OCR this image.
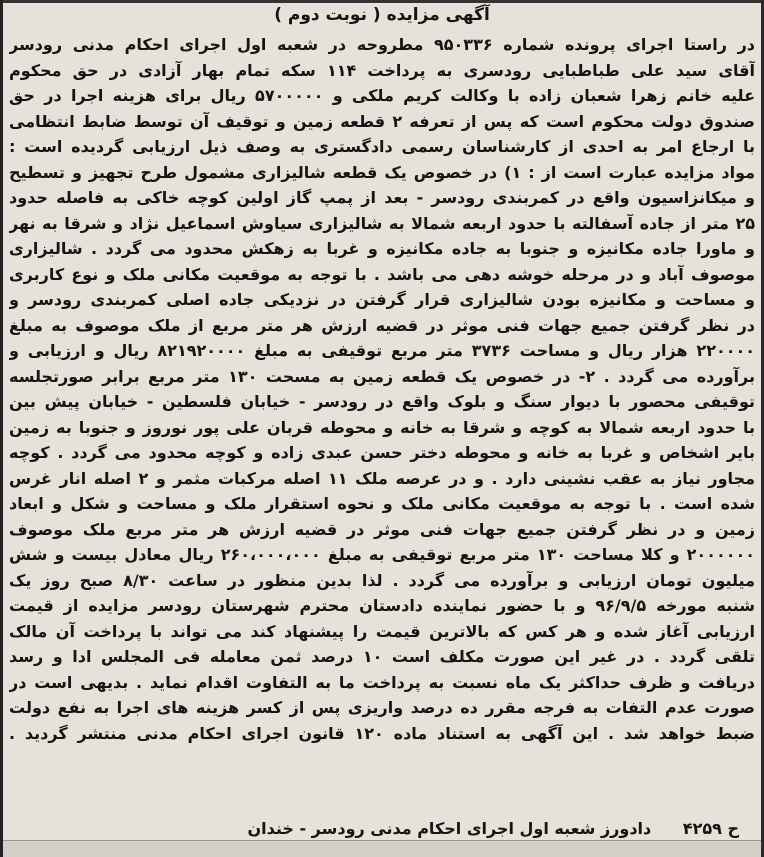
آگهی مزایده ( نوبت دوم )
در راستا اجرای پرونده شماره ۹۵۰۳۳۶ مطروحه در شعبه اول اجرای احکام مدنی رودسر
آقای سید علی طباطبایی رودسری به پرداخت ۱۱۴ سکه تمام بهار آزادی در حق محکوم
علیه خانم زهرا شعبان زاده با وکالت کریم ملکی و ۵۷۰۰۰۰۰ ریال برای هزینه اجرا در حق
صندوق دولت محکوم است که پس از تعرفه ۲ قطعه زمین و توقیف آن توسط ضابط انتظامی
با ارجاع امر به احدی از کارشناسان رسمی دادگستری به وصف ذیل ارزیابی گردیده است :
مواد مزایده عبارت است از : ۱) در خصوص یک قطعه شالیزاری مشمول طرح تجهیز و تسطیح
و میکانزاسیون واقع در کمربندی رودسر - بعد از پمپ گاز اولین کوچه خاکی به فاصله حدود
۲۵ متر از جاده آسفالته با حدود اربعه شمالا به شالیزاری سیاوش اسماعیل نژاد و شرقا به نهر
و ماورا جاده مکانیزه و جنوبا به جاده مکانیزه و غربا به زهکش محدود می گردد . شالیزاری
موصوف آباد و در مرحله خوشه دهی می باشد . با توجه به موقعیت مکانی ملک و نوع کاربری
و مساحت و مکانیزه بودن شالیزاری قرار گرفتن در نزدیکی جاده اصلی کمربندی رودسر و
در نظر گرفتن جمیع جهات فنی موثر در قضیه ارزش هر متر مربع از ملک موصوف به مبلغ
۲۲۰۰۰۰ هزار ریال و مساحت ۳۷۳۶ متر مربع توقیفی به مبلغ ۸۲۱۹۲۰۰۰۰ ریال و ارزیابی و
برآورده می گردد . ۲- در خصوص یک قطعه زمین به مسحت ۱۳۰ متر مربع برابر صورتجلسه
توقیفی محصور با دیوار سنگ و بلوک واقع در رودسر - خیابان فلسطین - خیابان پیش بین
با حدود اربعه شمالا به کوچه و شرقا به خانه و محوطه قربان علی پور نوروز و جنوبا به زمین
بایر اشخاص و غربا به خانه و محوطه دختر حسن عبدی زاده و کوچه محدود می گردد . کوچه
مجاور نیاز به عقب نشینی دارد . و در عرصه ملک ۱۱ اصله مرکبات مثمر و ۲ اصله انار غرس
شده است . با توجه به موقعیت مکانی ملک و نحوه استقرار ملک و مساحت و شکل و ابعاد
زمین و در نظر گرفتن جمیع جهات فنی موثر در قضیه ارزش هر متر مربع ملک موصوف
۲۰۰۰۰۰۰ و کلا مساحت ۱۳۰ متر مربع توقیفی به مبلغ ۲۶۰،۰۰۰،۰۰۰ ریال معادل بیست و شش
میلیون تومان ارزیابی و برآورده می گردد . لذا بدین منظور در ساعت ۸/۳۰ صبح روز یک
شنبه مورخه ۹۶/۹/۵ و با حضور نماینده دادستان محترم شهرستان رودسر مزایده از قیمت
ارزیابی آغاز شده و هر کس که بالاترین قیمت را پیشنهاد کند می تواند با پرداخت آن مالک
تلقی گردد . در غیر این صورت مکلف است ۱۰ درصد ثمن معامله فی المجلس ادا و رسد
دریافت و ظرف حداکثر یک ماه نسبت به پرداخت ما به التفاوت اقدام نماید . بدیهی است در
صورت عدم التفات به فرجه مقرر ده درصد واریزی پس از کسر هزینه های اجرا به نفع دولت
ضبط خواهد شد . این آگهی به استناد ماده ۱۲۰ قانون اجرای احکام مدنی منتشر گردید .
ح ۴۲۵۹ دادورز شعبه اول اجرای احکام مدنی رودسر - خندان
